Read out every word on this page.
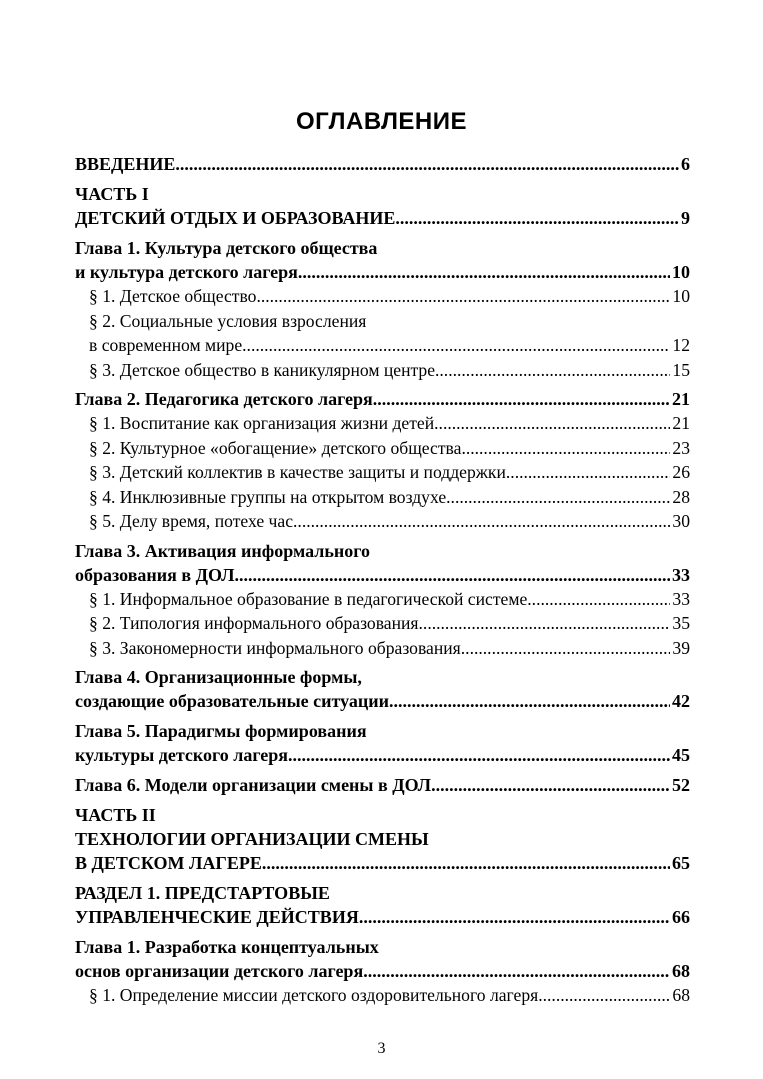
ОГЛАВЛЕНИЕ
ВВЕДЕНИЕ .....	6
ЧАСТЬ I
ДЕТСКИЙ ОТДЫХ И ОБРАЗОВАНИЕ .....	9
Глава 1. Культура детского общества
и культура детского лагеря .....	10
§ 1. Детское общество .....	10
§ 2. Социальные условия взросления
в современном мире .....	12
§ 3. Детское общество в каникулярном центре .....	15
Глава 2. Педагогика детского лагеря .....	21
§ 1. Воспитание как организация жизни детей .....	21
§ 2. Культурное «обогащение» детского общества .....	23
§ 3. Детский коллектив в качестве защиты и поддержки .....	26
§ 4. Инклюзивные группы на открытом воздухе .....	28
§ 5. Делу время, потехе час .....	30
Глава 3. Активация информального
образования в ДОЛ .....	33
§ 1. Информальное образование в педагогической системе .....	33
§ 2. Типология информального образования .....	35
§ 3. Закономерности информального образования .....	39
Глава 4. Организационные формы,
создающие образовательные ситуации .....	42
Глава 5. Парадигмы формирования
культуры детского лагеря .....	45
Глава 6. Модели организации смены в ДОЛ .....	52
ЧАСТЬ II
ТЕХНОЛОГИИ ОРГАНИЗАЦИИ СМЕНЫ
В ДЕТСКОМ ЛАГЕРЕ .....	65
РАЗДЕЛ 1. ПРЕДСТАРТОВЫЕ
УПРАВЛЕНЧЕСКИЕ ДЕЙСТВИЯ .....	66
Глава 1. Разработка концептуальных
основ организации детского лагеря .....	68
§ 1. Определение миссии детского оздоровительного лагеря .....	68
3
